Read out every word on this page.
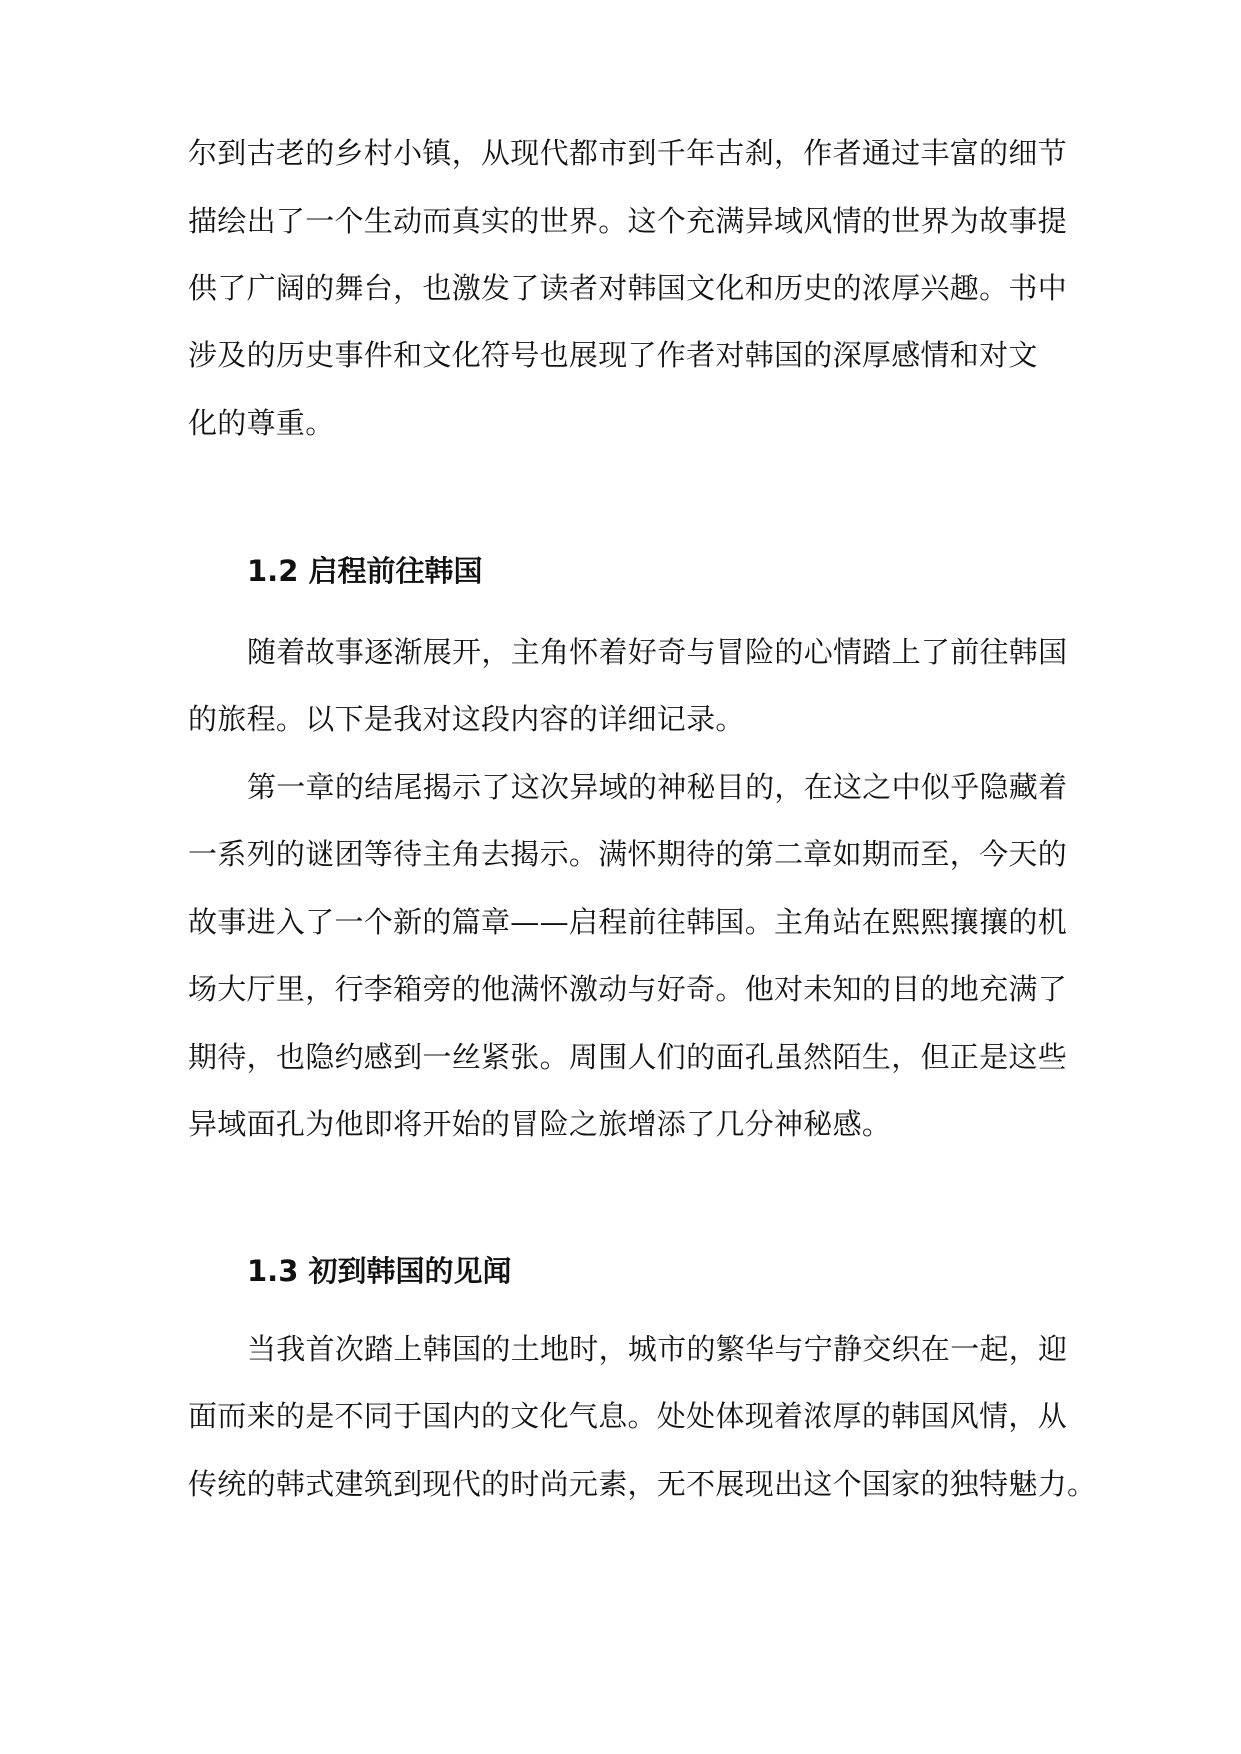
尔到古老的乡村小镇，从现代都市到千年古刹，作者通过丰富的细节
描绘出了一个生动而真实的世界。这个充满异域风情的世界为故事提
供了广阔的舞台，也激发了读者对韩国文化和历史的浓厚兴趣。书中
涉及的历史事件和文化符号也展现了作者对韩国的深厚感情和对文
化的尊重。
1.2 启程前往韩国
随着故事逐渐展开，主角怀着好奇与冒险的心情踏上了前往韩国
的旅程。以下是我对这段内容的详细记录。
第一章的结尾揭示了这次异域的神秘目的，在这之中似乎隐藏着
一系列的谜团等待主角去揭示。满怀期待的第二章如期而至，今天的
故事进入了一个新的篇章——启程前往韩国。主角站在熙熙攘攘的机
场大厅里，行李箱旁的他满怀激动与好奇。他对未知的目的地充满了
期待，也隐约感到一丝紧张。周围人们的面孔虽然陌生，但正是这些
异域面孔为他即将开始的冒险之旅增添了几分神秘感。
1.3 初到韩国的见闻
当我首次踏上韩国的土地时，城市的繁华与宁静交织在一起，迎
面而来的是不同于国内的文化气息。处处体现着浓厚的韩国风情，从
传统的韩式建筑到现代的时尚元素，无不展现出这个国家的独特魅力。
